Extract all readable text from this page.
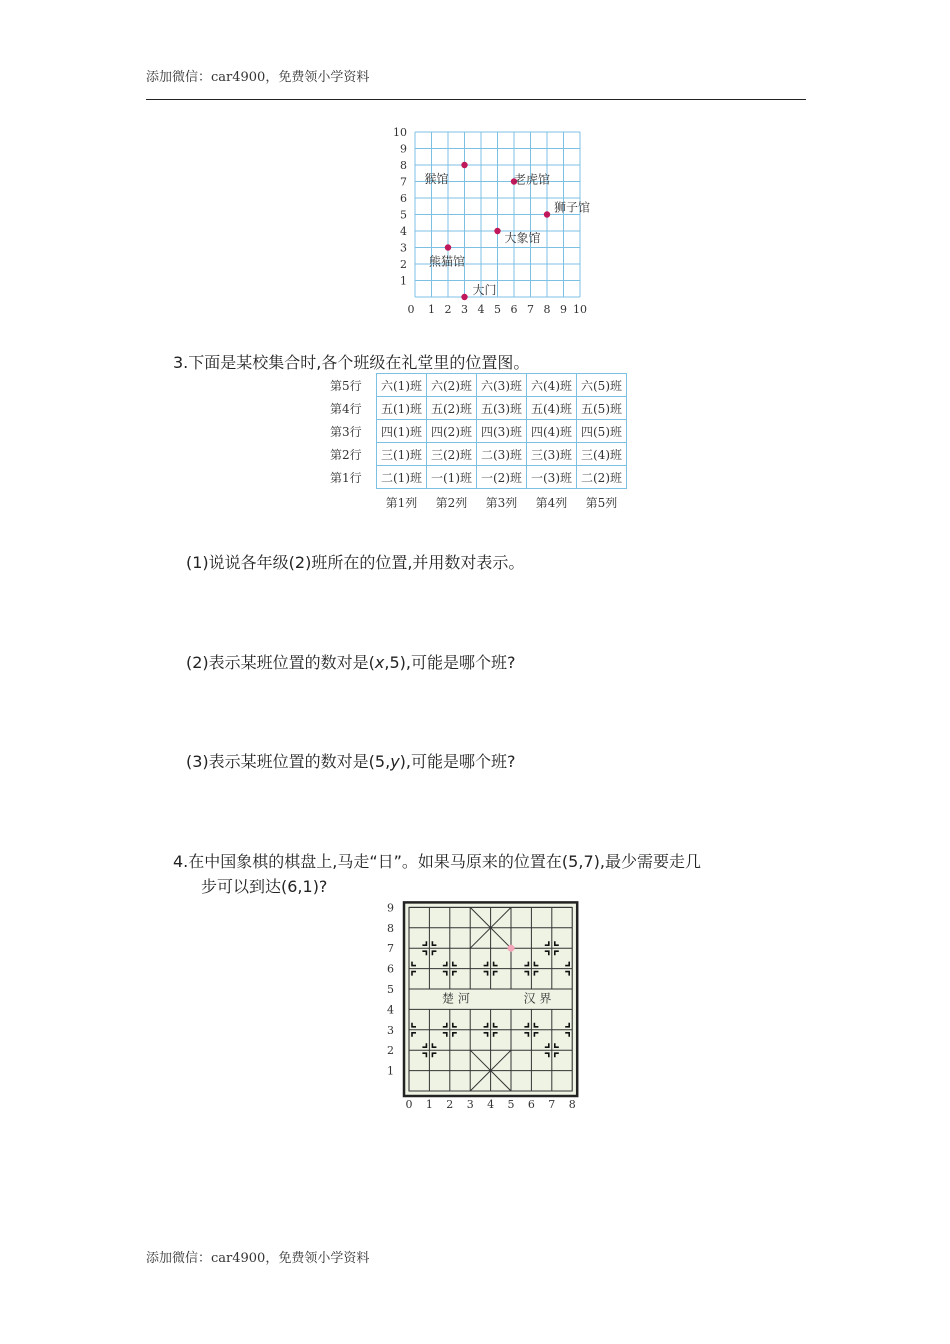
添加微信：car4900，免费领小学资料
10
9
8
7
6
5
4
3
2
1
0 1 2 3 4 5 6 7 8 9 10
猴馆	老虎馆
狮子馆
大象馆
熊猫馆
大门
3.下面是某校集合时,各个班级在礼堂里的位置图。
第5行	六(1)班	六(2)班	六(3)班	六(4)班	六(5)班
第4行	五(1)班	五(2)班	五(3)班	五(4)班	五(5)班
第3行	四(1)班	四(2)班	四(3)班	四(4)班	四(5)班
第2行	三(1)班	三(2)班	二(3)班	三(3)班	三(4)班
第1行	二(1)班	一(1)班	一(2)班	一(3)班	二(2)班
	第1列	第2列	第3列	第4列	第5列
(1)说说各年级(2)班所在的位置,并用数对表示。
(2)表示某班位置的数对是(x,5),可能是哪个班?
(3)表示某班位置的数对是(5,y),可能是哪个班?
4.在中国象棋的棋盘上,马走“日”。如果马原来的位置在(5,7),最少需要走几
步可以到达(6,1)?
楚 河	汉 界
9
8
7
6
5
4
3
2
1
0 1 2 3 4 5 6 7 8
添加微信：car4900，免费领小学资料
